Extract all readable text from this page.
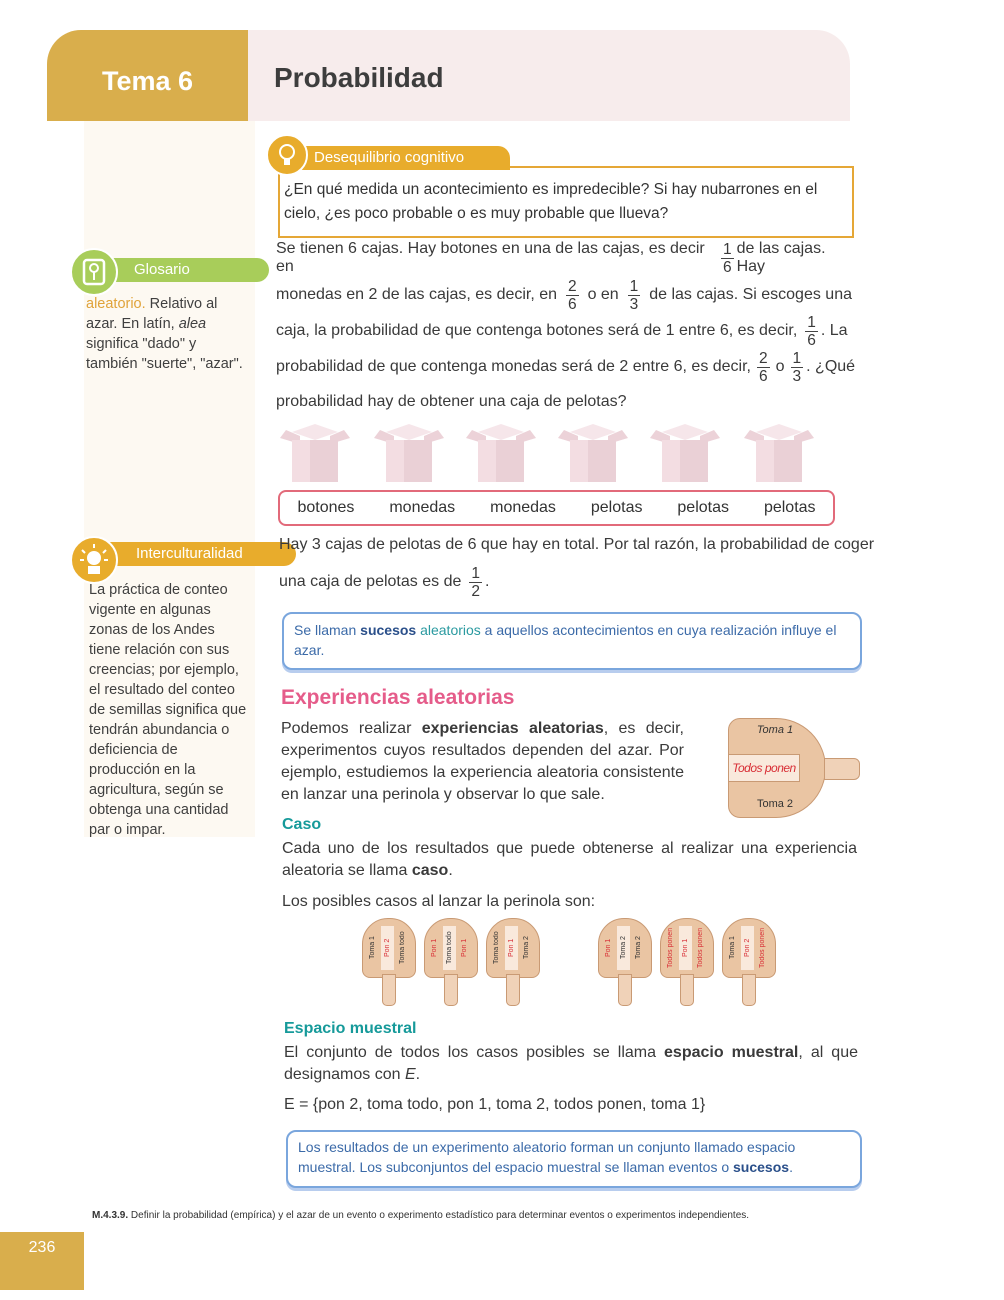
Tema 6	Probabilidad
Glosario
aleatorio. Relativo al azar. En latín, alea significa "dado" y también "suerte", "azar".
Interculturalidad
La práctica de conteo vigente en algunas zonas de los Andes tiene relación con sus creencias; por ejemplo, el resultado del conteo de semillas significa que tendrán abundancia o deficiencia de producción en la agricultura, según se obtenga una cantidad par o impar.
Desequilibrio cognitivo
¿En qué medida un acontecimiento es impredecible? Si hay nubarrones en el cielo, ¿es poco probable o es muy probable que llueva?
Se tienen 6 cajas. Hay botones en una de las cajas, es decir en	$\frac{1}{6}$ de las cajas. Hay
monedas en 2 de las cajas, es decir, en $\frac{2}{6}$ o en $\frac{1}{3}$ de las cajas. Si escoges una
caja, la probabilidad de que contenga botones será de 1 entre 6, es decir, $\frac{1}{6}$ . La
probabilidad de que contenga monedas será de 2 entre 6, es decir, $\frac{2}{6}$ o $\frac{1}{3}$ . ¿Qué
probabilidad hay de obtener una caja de pelotas?
botones monedas monedas pelotas pelotas pelotas
Hay 3 cajas de pelotas de 6 que hay en total. Por tal razón, la probabilidad de coger
una caja de pelotas es de $\frac{1}{2}$ .
Se llaman sucesos aleatorios a aquellos acontecimientos en cuya realización influye el azar.
Experiencias aleatorias
Podemos realizar experiencias aleatorias, es decir, experimentos cuyos resultados dependen del azar. Por ejemplo, estudiemos la experiencia aleatoria consistente en lanzar una perinola y observar lo que sale.
Toma 1
Todos ponen
Toma 2
Caso
Cada uno de los resultados que puede obtenerse al realizar una experiencia aleatoria se llama caso.
Los posibles casos al lanzar la perinola son:
Toma 1	Pon 2	Toma todo	Pon 1	Toma todo	Pon 1	Toma todo	Pon 1	Toma 2	Pon 1	Toma 2	Toma 2	Todos ponen	Pon 1	Todos ponen	Toma 1	Pon 2	Todos ponen
Espacio muestral
El conjunto de todos los casos posibles se llama espacio muestral, al que designamos con E.
E = {pon 2, toma todo, pon 1, toma 2, todos ponen, toma 1}
Los resultados de un experimento aleatorio forman un conjunto llamado espacio muestral. Los subconjuntos del espacio muestral se llaman eventos o sucesos.
M.4.3.9. Definir la probabilidad (empírica) y el azar de un evento o experimento estadístico para determinar eventos o experimentos independientes.
236
